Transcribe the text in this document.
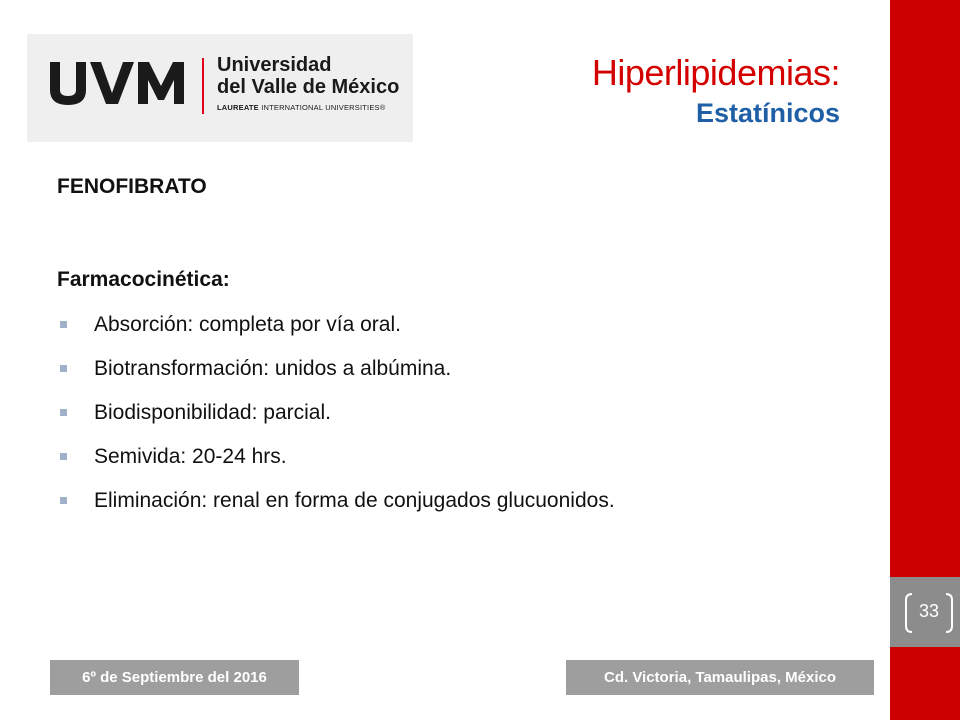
Universidad
del Valle de México
LAUREATE INTERNATIONAL UNIVERSITIES®
Hiperlipidemias:
Estatínicos
FENOFIBRATO
Farmacocinética:
Absorción: completa por vía oral.
Biotransformación: unidos a albúmina.
Biodisponibilidad: parcial.
Semivida: 20-24 hrs.
Eliminación: renal en forma de conjugados glucuonidos.
33
6º de Septiembre del 2016	Cd. Victoria, Tamaulipas, México
